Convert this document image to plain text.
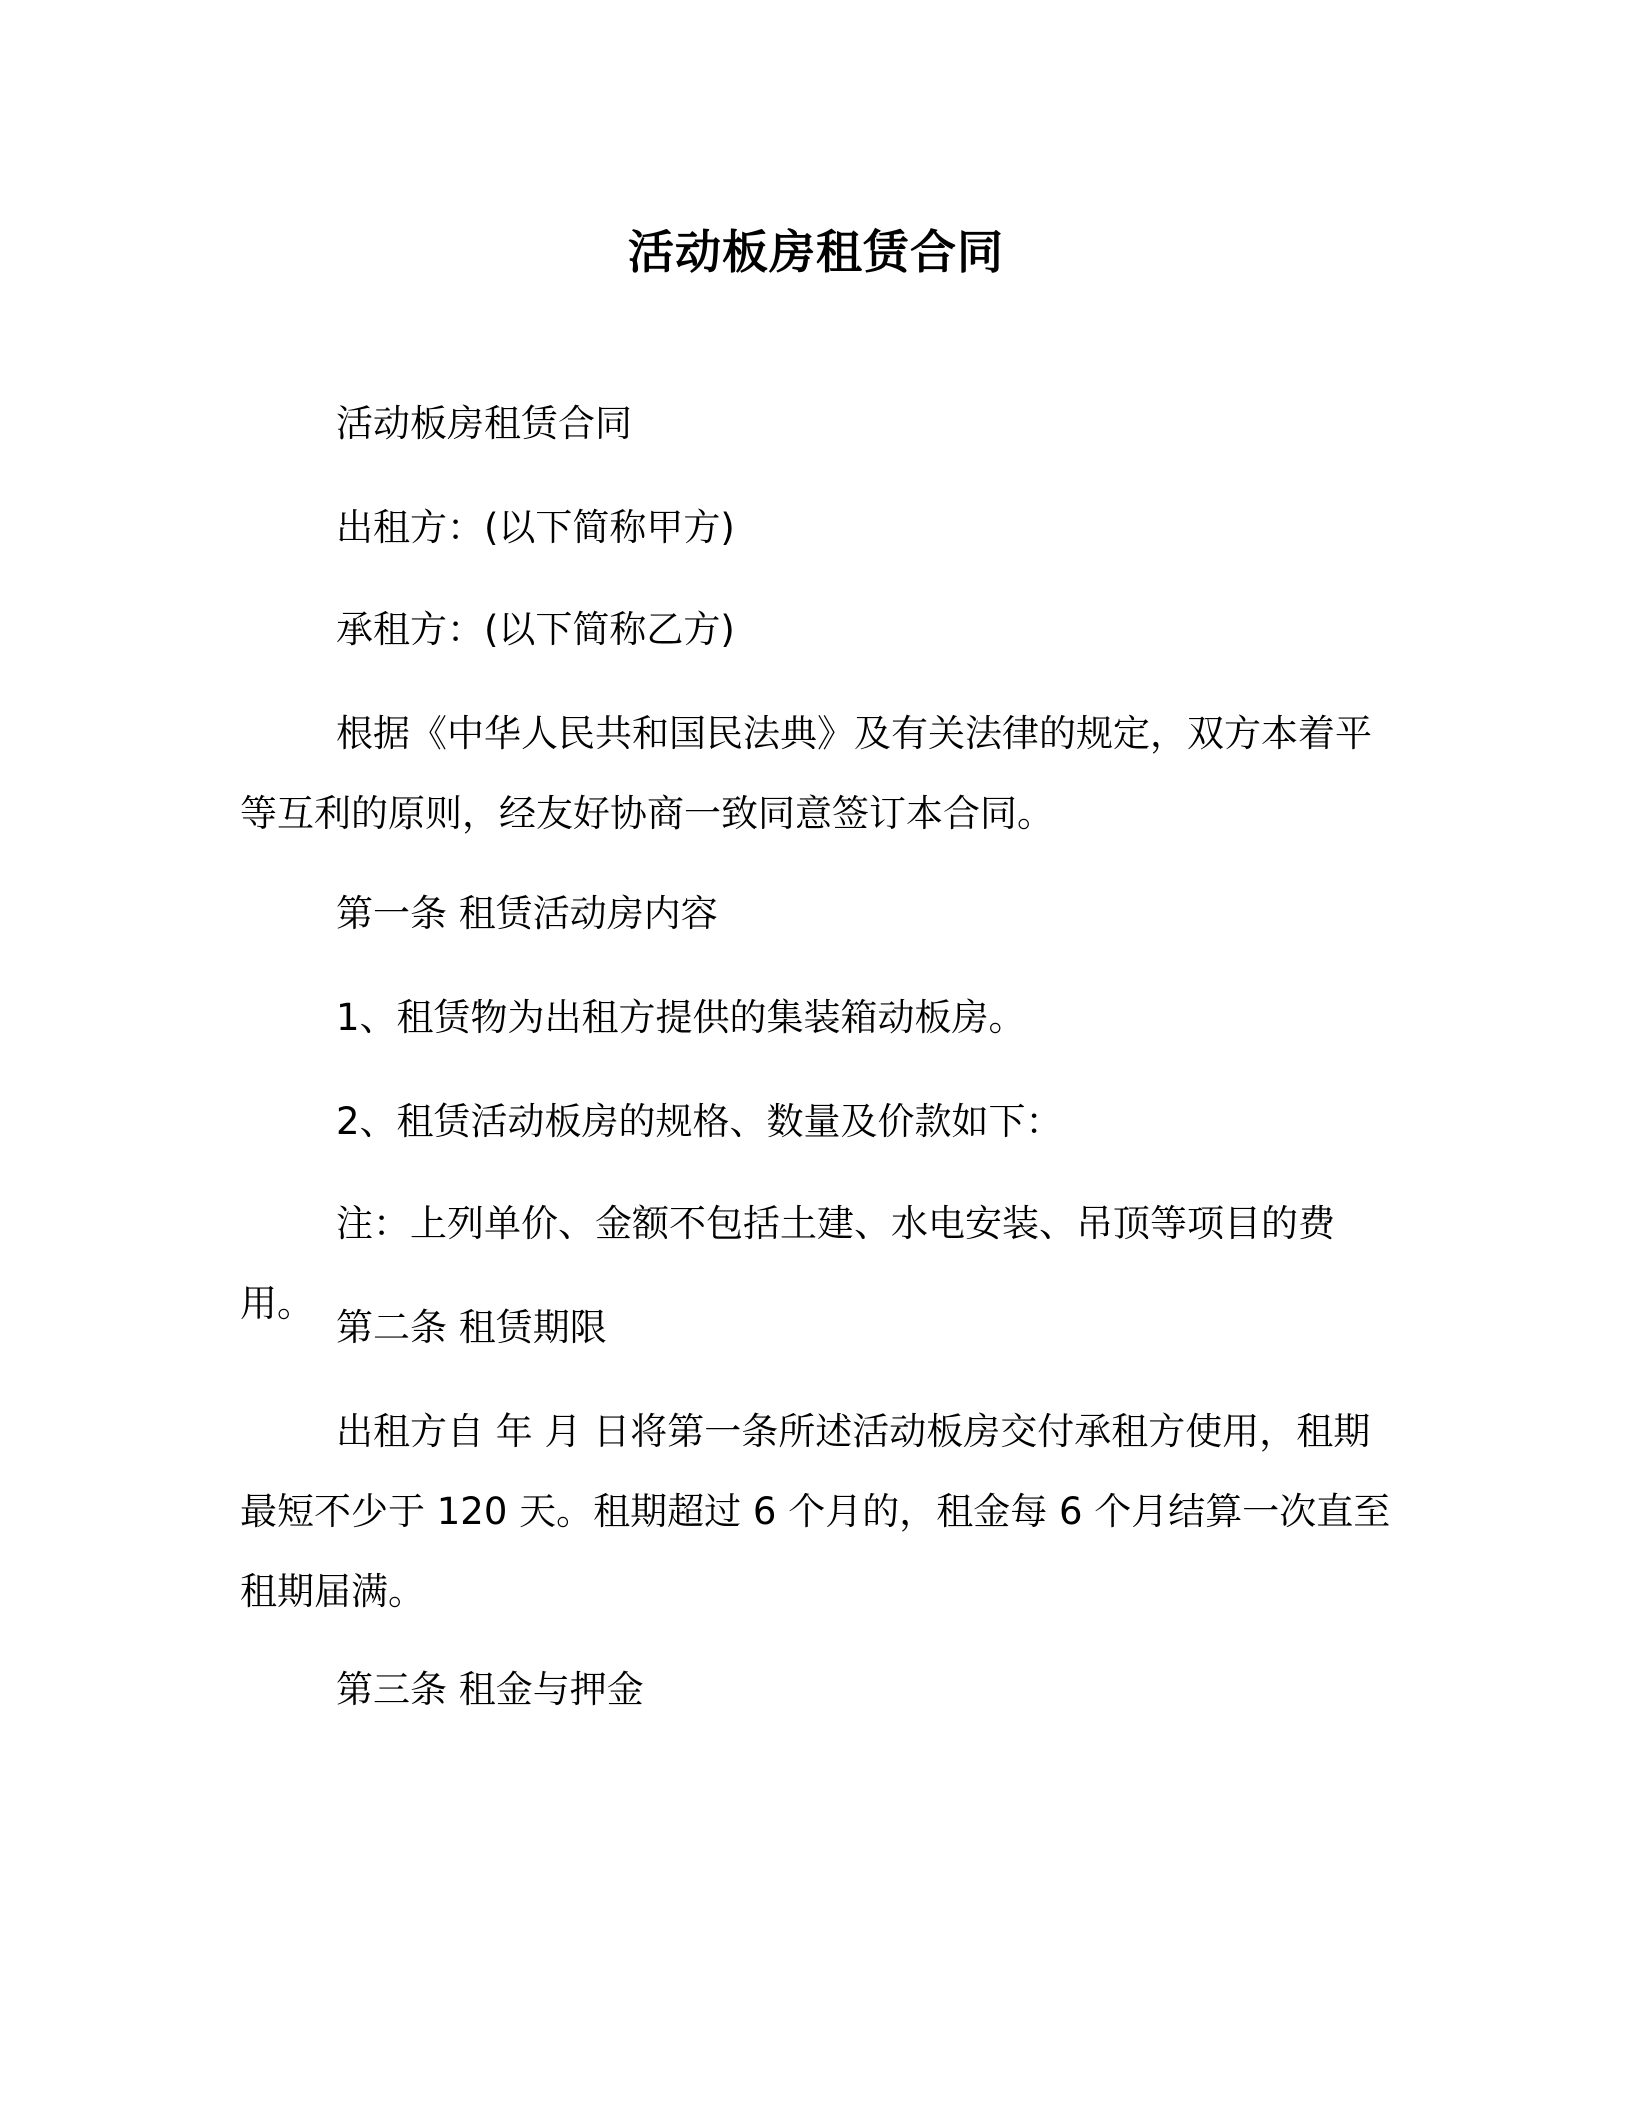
活动板房租赁合同

活动板房租赁合同

出租方：(以下简称甲方)

承租方：(以下简称乙方)

根据《中华人民共和国民法典》及有关法律的规定，双方本着平等互利的原则，经友好协商一致同意签订本合同。

第一条 租赁活动房内容

1、租赁物为出租方提供的集装箱动板房。

2、租赁活动板房的规格、数量及价款如下：

注：上列单价、金额不包括土建、水电安装、吊顶等项目的费用。

第二条 租赁期限

出租方自 年 月 日将第一条所述活动板房交付承租方使用，租期最短不少于 120 天。租期超过 6 个月的，租金每 6 个月结算一次直至租期届满。

第三条 租金与押金
